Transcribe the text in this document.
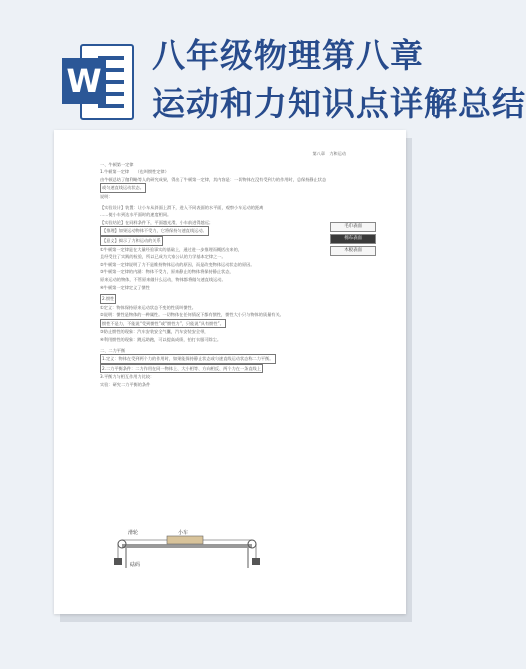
W
八年级物理第八章
运动和力知识点详解总结

第八章　力和运动

一、牛顿第一定律

1.牛顿第一定律　　（也叫惯性定律）

由牛顿总结了伽利略等人的研究成果，得出了牛顿第一定律，其内容是：一切物体在没有受到力的作用时，总保持静止状态

或匀速直线运动状态。

说明：

【实验设计】装置：让小车从斜面上滑下，进入不同表面的水平面，观察小车运动的距离

……使小车到达水平面时的速度相同。

【实验结论】在同样条件下，平面越光滑，小车前进得越远；

【推理】如果运动物体不受力，它将保持匀速直线运动。

【意义】揭示了力和运动的关系

①牛顿第一定律是在大量经验事实的基础上，通过进一步推理而概括出来的，

且经受住了实践的检验，所以已成为大家公认的力学基本定律之一。

②牛顿第一定律说明了力不是维持物体运动的原因，而是改变物体运动状态的原因。

③牛顿第一定律的内涵：物体不受力，原来静止的物体将保持静止状态，

原来运动的物体，不管原来做什么运动，物体都将做匀速直线运动。

④牛顿第一定律定义了惯性

2.惯性

①定义：物体保持原来运动状态不变的性质叫惯性。

②说明：惯性是物体的一种属性。一切物体在任何情况下都有惯性，惯性大小只与物体的质量有关。

惯性不是力，不能说“受到惯性”或“惯性力”，只能说“具有惯性”。

③防止惯性的现象：汽车安装安全气囊，汽车安装安全带，

④利用惯性的现象：跳远助跑，可以提高成绩，拍打衣服可除尘。

二、二力平衡

1.定义：物体在受到两个力的作用时，如果能保持静止状态或匀速直线运动状态称二力平衡。

2.二力平衡条件：二力作用在同一物体上、大小相等、方向相反、两个力在一条直线上

3.平衡力与相互作用力比较：

实验：研究二力平衡的条件

毛巾表面
棉布表面
木板表面
滑轮
砝码
小车
